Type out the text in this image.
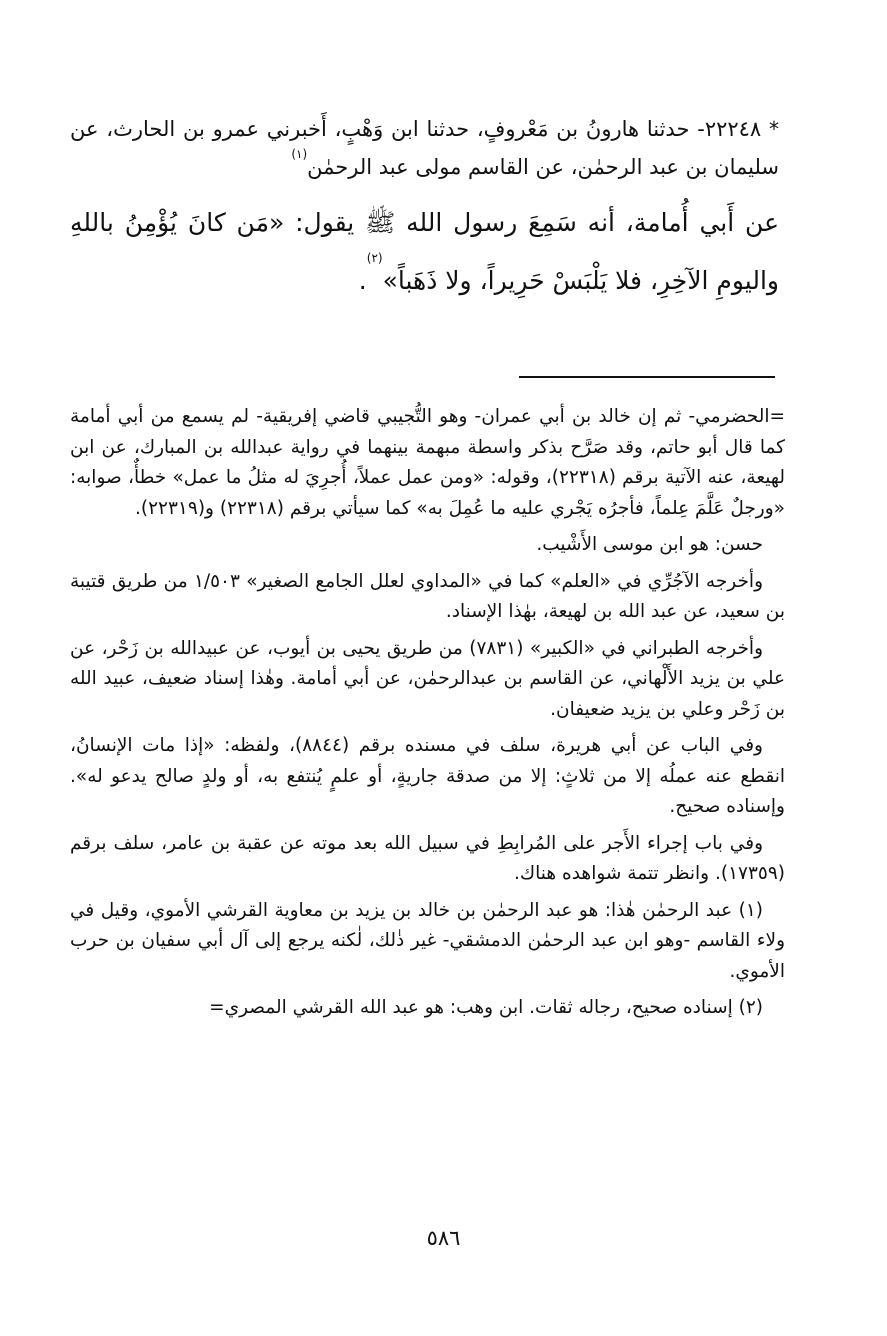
* ٢٢٢٤٨- حدثنا هارونُ بن مَعْروفٍ، حدثنا ابن وَهْبٍ، أَخبرني عمرو بن الحارث، عن سليمان بن عبد الرحمٰن، عن القاسم مولى عبد الرحمٰن$^{(١)}$

عن أَبي أُمامة، أنه سَمِعَ رسول الله ﷺ يقول: «مَن كانَ يُؤْمِنُ باللهِ واليومِ الآخِرِ، فلا يَلْبَسْ حَرِيراً، ولا ذَهَباً»$^{(٢)}$.

=الحضرمي- ثم إن خالد بن أبي عمران- وهو التُّجيبي قاضي إفريقية- لم يسمع من أبي أمامة كما قال أبو حاتم، وقد صَرَّح بذكر واسطة مبهمة بينهما في رواية عبدالله بن المبارك، عن ابن لهيعة، عنه الآتية برقم (٢٢٣١٨)، وقوله: «ومن عمل عملاً، أُجرِيَ له مثلُ ما عمل» خطأٌ، صوابه: «ورجلٌ عَلَّمَ عِلماً، فأجرُه يَجْري عليه ما عُمِلَ به» كما سيأتي برقم (٢٢٣١٨) و(٢٢٣١٩).

حسن: هو ابن موسى الأَشْيب.

وأخرجه الآجُرِّي في «العلم» كما في «المداوي لعلل الجامع الصغير» ١/٥٠٣ من طريق قتيبة بن سعيد، عن عبد الله بن لهيعة، بهٰذا الإسناد.

وأخرجه الطبراني في «الكبير» (٧٨٣١) من طريق يحيى بن أيوب، عن عبيدالله بن زَحْر، عن علي بن يزيد الأَلْهاني، عن القاسم بن عبدالرحمٰن، عن أبي أمامة. وهٰذا إسناد ضعيف، عبيد الله بن زَحْر وعلي بن يزيد ضعيفان.

وفي الباب عن أبي هريرة، سلف في مسنده برقم (٨٨٤٤)، ولفظه: «إذا مات الإنسانُ، انقطع عنه عملُه إلا من ثلاثٍ: إلا من صدقة جاريةٍ، أو علمٍ يُنتفع به، أو ولدٍ صالح يدعو له». وإسناده صحيح.

وفي باب إجراء الأَجر على المُرابِطِ في سبيل الله بعد موته عن عقبة بن عامر، سلف برقم (١٧٣٥٩). وانظر تتمة شواهده هناك.

(١) عبد الرحمٰن هٰذا: هو عبد الرحمٰن بن خالد بن يزيد بن معاوية القرشي الأموي، وقيل في ولاء القاسم -وهو ابن عبد الرحمٰن الدمشقي- غير ذٰلك، لٰكنه يرجع إلى آل أبي سفيان بن حرب الأموي.

(٢) إسناده صحيح، رجاله ثقات. ابن وهب: هو عبد الله القرشي المصري=

٥٨٦
